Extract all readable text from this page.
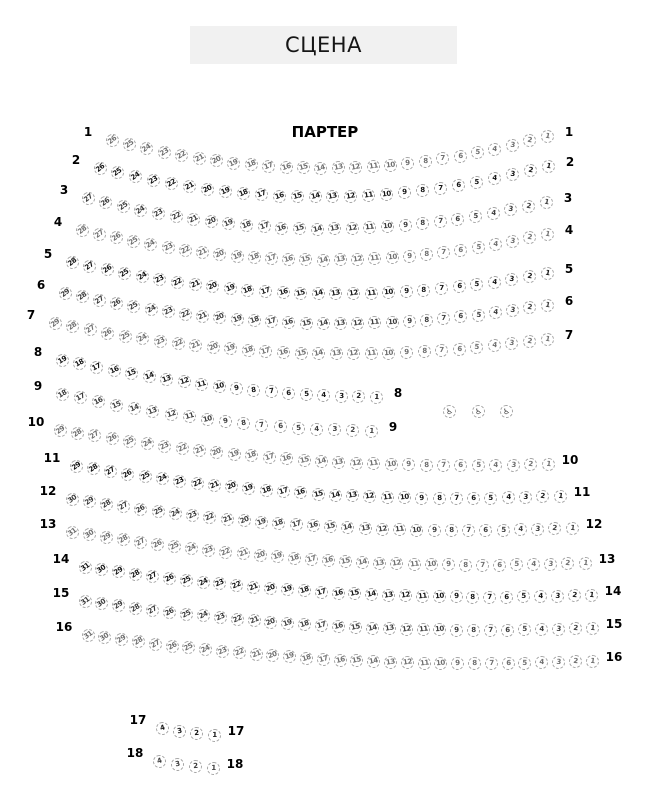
СЦЕНА
ПАРТЕР
1	1
26 25 24 23 22 21 20 19 18 17 16 15 14 13 12 11 10 9 8 7 6 5 4 3
2
1
2	2
26 25 24 23 22 21 20 19 18 17 16 15 14 13 12 11 10 9 8 7 6 5 4 3 2
1
3
3
27 26 25 24 23 22 21 20 19 18 17 16 15 14 13 12 11 10 9 8 7 6 5 4 3 2 1
4
4
28 27 26 25 24 23 22 21 20 19 18 17 16 15 14 13 12 11 10 9 8 7 6 5 4 3 2 1
5
5
28 27 26 25 24 23 22 21 20 19 18 17 16 15 14 13 12 11 10 9 8 7 6 5 4 3 2 1
6
6
29 28 27 26 25 24 23 22 21 20 19 18 17 16 15 14 13 12 11 10 9 8 7 6 5 4 3 2 1
7
7
29 28 27 26 25 24 23 22 21 20 19 18 17 16 15 14 13 12 11 10 9 8 7 6 5 4 3 2 1
8
8
19 18 17 16 15 14 13 12 11 10 9 8 7 6 5 4 3 2 1
9
9
18 17 16 15 14 13 12 11 10 9 8 7 6 5 4 3 2 1
10
10
29 28 27 26 25 24 23 22 21 20 19 18 17 16 15 14 13 12 11 10 9 8 7 6 5 4 3 2 1
11
11
29 28 27 26 25 24 23 22 21 20 19 18 17 16 15 14 13 12 11 10 9 8 7 6 5 4 3 2 1
12
12
30 29 28 27 26 25 24 23 22 21 20 19 18 17 16 15 14 13 12 11 10 9 8 7 6 5 4 3 2 1
13
13
31 30 29 28 27 26 25 24 23 22 21 20 19 18 17 16 15 14 13 12 11 10 9 8 7 6 5 4 3 2 1
14
14
31 30 29 28 27 26 25 24 23 22 21 20 19 18 17 16 15 14 13 12 11 10 9 8 7 6 5 4 3 2 1
15
15
31 30 29 28 27 26 25 24 23 22 21 20 19 18 17 16 15 14 13 12 11 10 9 8 7 6 5 4 3 2 1
16
16
31 30 29 28 27 26 25 24 23 22 21 20 19 18 17 16 15 14 13 12 11 10 9 8 7 6 5 4 3 2 1
17
17
4 3 2 1
18
18
4 3 2 1
♿ ♿ ♿
